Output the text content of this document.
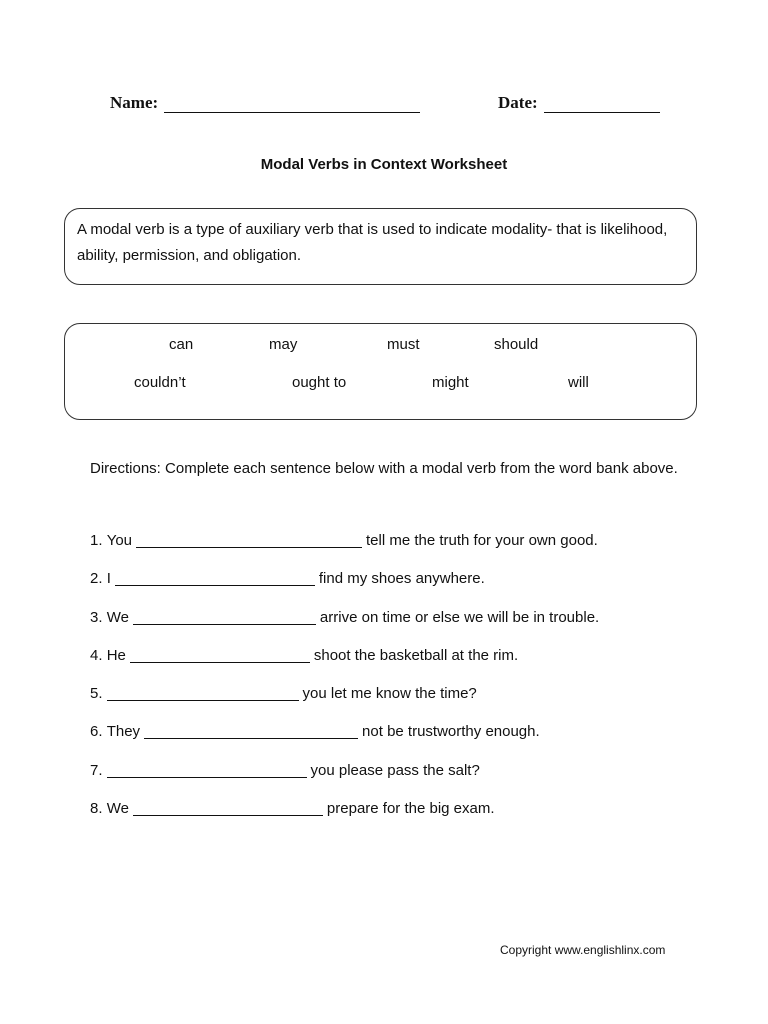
Name:	Date:
Modal Verbs in Context Worksheet
A modal verb is a type of auxiliary verb that is used to indicate modality- that is likelihood, ability, permission, and obligation.
can	may	must	should
couldn’t	ought to	might	will
Directions: Complete each sentence below with a modal verb from the word bank above.
1.
You	tell me the truth for your own good.
2.
I	find my shoes anywhere.
3.
We	arrive on time or else we will be in trouble.
4.
He	shoot the basketball at the rim.
5.	you let me know the time?
6.
They	not be trustworthy enough.
7.	you please pass the salt?
8.
We	prepare for the big exam.
Copyright www.englishlinx.com
